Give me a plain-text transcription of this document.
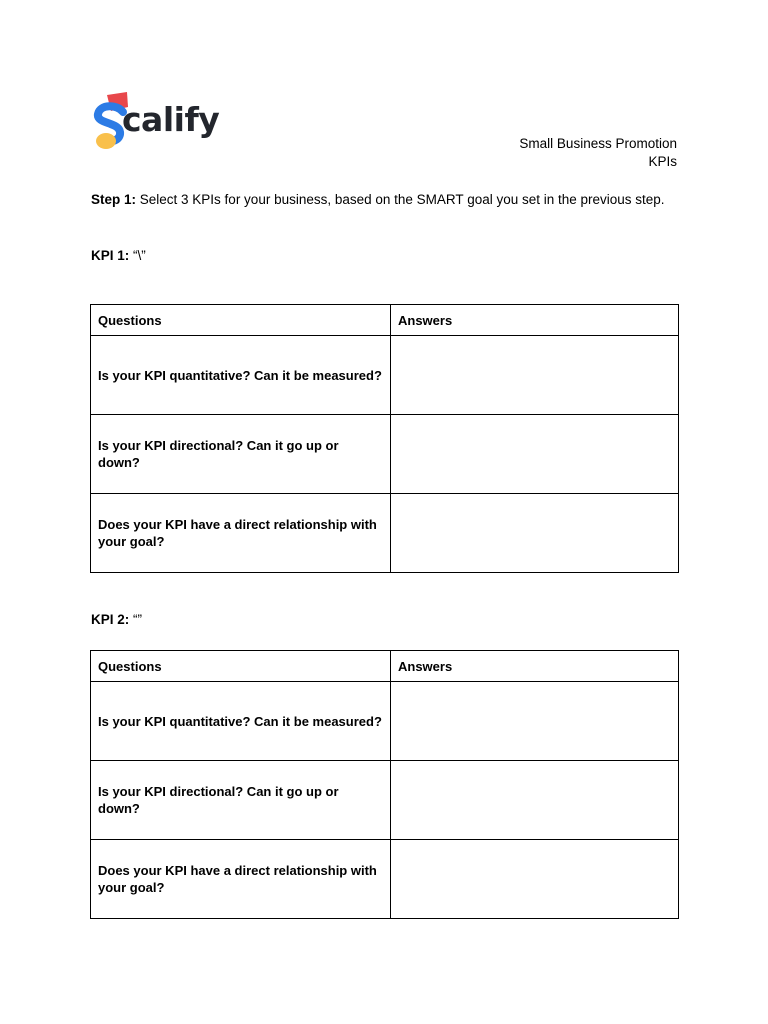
calify
Small Business Promotion
KPIs
Step 1: Select 3 KPIs for your business, based on the SMART goal you set in the previous step.
KPI 1: “\”
Questions	Answers
Is your KPI quantitative? Can it be measured?	
Is your KPI directional? Can it go up or down?	
Does your KPI have a direct relationship with your goal?	
KPI 2: “”
Questions	Answers
Is your KPI quantitative? Can it be measured?	
Is your KPI directional? Can it go up or down?	
Does your KPI have a direct relationship with your goal?	
